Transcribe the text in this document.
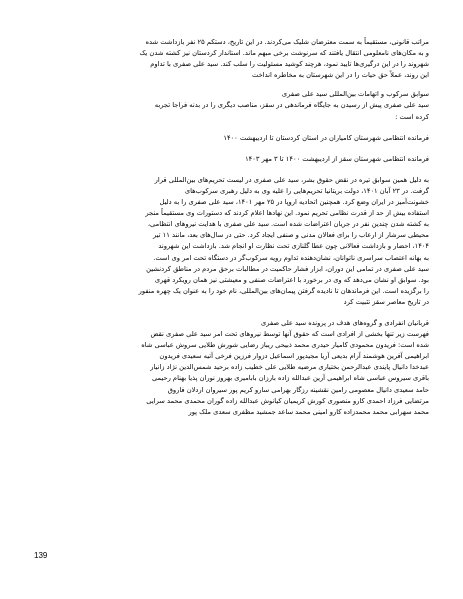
مراتب قانونی، مستقیماً به سمت معترضان شلیک می‌کردند. در این تاریخ، دستکم ۲۵ نفر بازداشت شده
و به مکان‌های نامعلومی انتقال یافتند که سرنوشت برخی مبهم ماند. استاندار کردستان نیز کشته شدن یک
شهروند را در این درگیری‌ها تایید نمود، هرچند کوشید مسئولیت را سلب کند. سید علی صفری با تداوم
این روند، عملاً حق حیات را در این شهرستان به مخاطره انداخت
سوابق سرکوب و اتهامات بین‌المللی سید علی صفری
سید علی صفری پیش از رسیدن به جایگاه فرماندهی در سقز، مناصب دیگری را در بدنه فراجا تجربه
کرده است :
فرمانده انتظامی شهرستان کامیاران در استان کردستان تا اردیبهشت ۱۴۰۰
فرمانده انتظامی شهرستان سقز از اردیبهشت ۱۴۰۰ تا ۳ مهر ۱۴۰۳
به دلیل همین سوابق تیره در نقض حقوق بشر، سید علی صفری در لیست تحریم‌های بین‌المللی قرار
گرفت. در ۲۳ آبان ۱۴۰۱، دولت بریتانیا تحریم‌هایی را علیه وی به دلیل رهبری سرکوب‌های
خشونت‌آمیز در ایران وضع کرد. همچنین اتحادیه اروپا در ۲۵ مهر ۱۴۰۱، سید علی صفری را به دلیل
استفاده بیش از حد از قدرت نظامی تحریم نمود. این نهادها اعلام کردند که دستورات وی مستقیماً منجر
به کشته شدن چندین نفر در جریان اعتراضات شده است. سید علی صفری با هدایت نیروهای انتظامی،
محیطی سرشار از ارعاب را برای فعالان مدنی و صنفی ایجاد کرد. حتی در سال‌های بعد، مانند ۱۱ تیر
۱۴۰۴، احضار و بازداشت فعالانی چون عطا گلنازی تحت نظارت او انجام شد. بازداشت این شهروند
به بهانه اعتصاب سراسری ناتوانان، نشان‌دهنده تداوم رویه سرکوب‌گر در دستگاه تحت امر وی است.
سید علی صفری در تمامی این دوران، ابزار فشار حاکمیت در مطالبات برحق مردم در مناطق کردنشین
بود. سوابق او نشان می‌دهد که وی در برخورد با اعتراضات صنفی و معیشتی نیز همان رویکرد قهری
را برگزیده است. این فرماندهان تا نادیده گرفتن پیمان‌های بین‌المللی، نام خود را به عنوان یک چهره منفور
در تاریخ معاصر سقز تثبیت کرد
قربانیان انفرادی و گروه‌های هدف در پرونده سید علی صفری
فهرست زیر تنها بخشی از افرادی است که حقوق آنها توسط نیروهای تحت امر سید علی صفری نقض
شده است: فریدون محمودی کامیار حیدری محمد ذبیحی ریباز رضایی شورش طلایی سروش عباسی شاه
ابراهیمی آفرین هوشمند آرام بدیعی آریا مجیدپور اسماعیل دزوار فرزین فرخی آتیه سعیدی فریدون
عبدخدا دانیال پایندی عبدالرحمن بختیاری مرضیه طلایی علی خطیب زاده برحید شمس‌الدین نژاد زانیار
باقری سیروس عباسی شاه ابراهیمی آرین عبدالله زاده بارزان بابامیری بهروز نوران پذیا بهنام رحیمی
حامد سعیدی دانیال معصومی رامین نقشینه رزگار بهرامی سارو کریم پور سیروان اردلان فاروق
مرتضایی فرزاد احمدی کارو منصوری کورش کریمیان کیانوش عبدالله زاده گوران محمدی محمد سرایی
محمد سهرابی محمد محمدزاده کارو امینی محمد ساعد جمشید مظفری سعدی ملک پور
139
